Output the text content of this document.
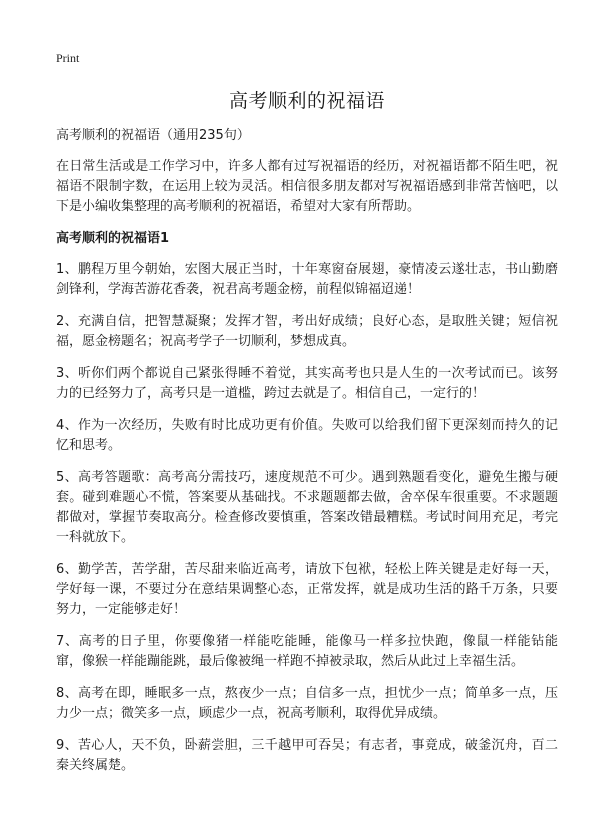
Print
高考顺利的祝福语

高考顺利的祝福语（通用235句）

在日常生活或是工作学习中，许多人都有过写祝福语的经历，对祝福语都不陌生吧，祝福语不限制字数，在运用上较为灵活。相信很多朋友都对写祝福语感到非常苦恼吧，以下是小编收集整理的高考顺利的祝福语，希望对大家有所帮助。

高考顺利的祝福语1

1、鹏程万里今朝始，宏图大展正当时，十年寒窗奋展翅，豪情凌云遂壮志，书山勤磨剑锋利，学海苦游花香袭，祝君高考题金榜，前程似锦福迢递！

2、充满自信，把智慧凝聚；发挥才智，考出好成绩；良好心态，是取胜关键；短信祝福，愿金榜题名；祝高考学子一切顺利，梦想成真。

3、听你们两个都说自己紧张得睡不着觉，其实高考也只是人生的一次考试而已。该努力的已经努力了，高考只是一道槛，跨过去就是了。相信自己，一定行的！

4、作为一次经历，失败有时比成功更有价值。失败可以给我们留下更深刻而持久的记忆和思考。

5、高考答题歌：高考高分需技巧，速度规范不可少。遇到熟题看变化，避免生搬与硬套。碰到难题心不慌，答案要从基础找。不求题题都去做，舍卒保车很重要。不求题题都做对，掌握节奏取高分。检查修改要慎重，答案改错最糟糕。考试时间用充足，考完一科就放下。

6、勤学苦，苦学甜，苦尽甜来临近高考，请放下包袱，轻松上阵关键是走好每一天，学好每一课，不要过分在意结果调整心态，正常发挥，就是成功生活的路千万条，只要努力，一定能够走好！

7、高考的日子里，你要像猪一样能吃能睡，能像马一样多拉快跑，像鼠一样能钻能窜，像猴一样能蹦能跳，最后像被绳一样跑不掉被录取，然后从此过上幸福生活。

8、高考在即，睡眠多一点，熬夜少一点；自信多一点，担忧少一点；简单多一点，压力少一点；微笑多一点，顾虑少一点，祝高考顺利，取得优异成绩。

9、苦心人，天不负，卧薪尝胆，三千越甲可吞吴；有志者，事竟成，破釜沉舟，百二秦关终属楚。
